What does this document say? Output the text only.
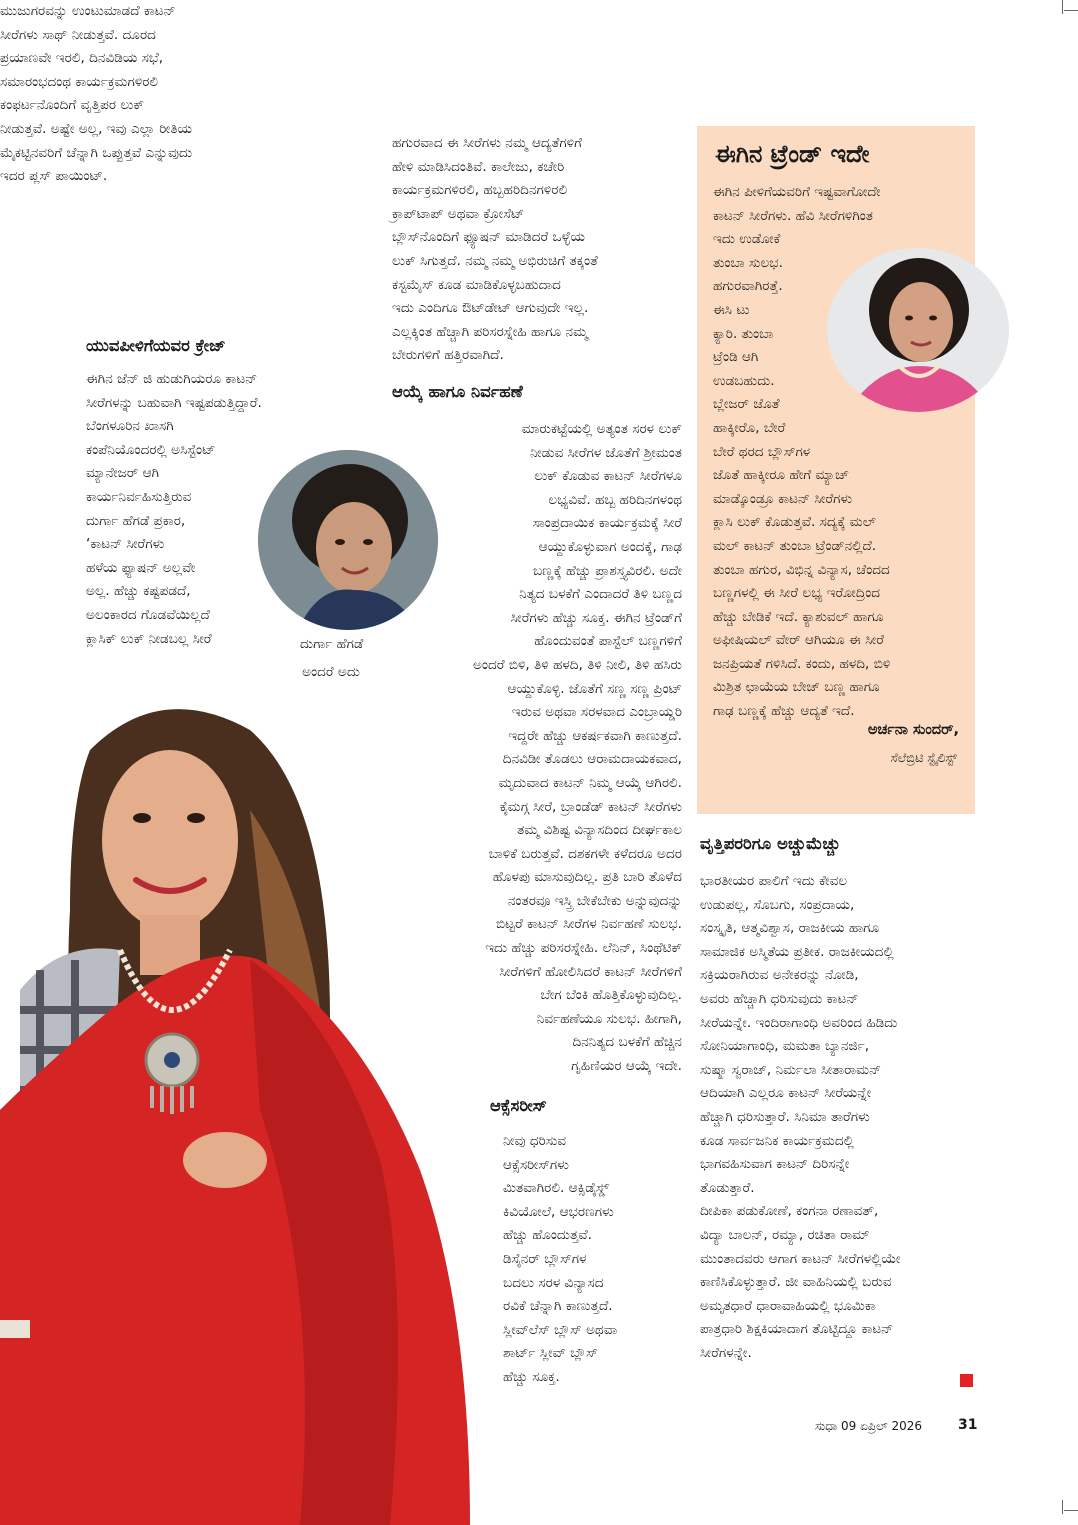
ಮುಜುಗರವನ್ನು ಉಂಟುಮಾಡದೆ ಕಾಟನ್
ಸೀರೆಗಳು ಸಾಥ್ ನೀಡುತ್ತವೆ. ದೂರದ
ಪ್ರಯಾಣವೇ ಇರಲಿ, ದಿನವಿಡಿಯ ಸಭೆ,
ಸಮಾರಂಭದಂಥ ಕಾರ್ಯಕ್ರಮಗಳಿರಲಿ
ಕಂಫರ್ಟನೊಂದಿಗೆ ವೃತ್ತಿಪರ ಲುಕ್
ನೀಡುತ್ತವೆ. ಅಷ್ಟೇ ಅಲ್ಲ, ಇವು ಎಲ್ಲಾ ರೀತಿಯ
ಮೈಕಟ್ಟಿನವರಿಗೆ ಚೆನ್ನಾಗಿ ಒಪ್ಪುತ್ತವೆ ಎನ್ನುವುದು
ಇದರ ಪ್ಲಸ್ ಪಾಯಿಂಟ್.

ಯುವಪೀಳಿಗೆಯವರ ಕ್ರೇಜ್

ಈಗಿನ ಜೆನ್ ಜಿ ಹುಡುಗಿಯರೂ ಕಾಟನ್
ಸೀರೆಗಳನ್ನು ಬಹುವಾಗಿ ಇಷ್ಟಪಡುತ್ತಿದ್ದಾರೆ.
ಬೆಂಗಳೂರಿನ ಖಾಸಗಿ
ಕಂಪೆನಿಯೊಂದರಲ್ಲಿ ಅಸಿಸ್ಟೆಂಟ್
ಮ್ಯಾನೇಜರ್ ಆಗಿ
ಕಾರ್ಯನಿರ್ವಹಿಸುತ್ತಿರುವ
ದುರ್ಗಾ ಹೆಗಡೆ ಪ್ರಕಾರ,
‘ಕಾಟನ್ ಸೀರೆಗಳು
ಹಳೆಯ ಫ್ಯಾಷನ್ ಅಲ್ಲವೇ
ಅಲ್ಲ. ಹೆಚ್ಚು ಕಷ್ಟಪಡದೆ,
ಅಲಂಕಾರದ ಗೊಡವೆಯಿಲ್ಲದೆ
ಕ್ಲಾಸಿಕ್ ಲುಕ್ ನೀಡಬಲ್ಲ ಸೀರೆ

ಅಂದರೆ ಅದು

ದುರ್ಗಾ ಹೆಗಡೆ

ಹಗುರವಾದ ಈ ಸೀರೆಗಳು ನಮ್ಮ ಆದ್ಯತೆಗಳಿಗೆ
ಹೇಳಿ ಮಾಡಿಸಿದಂತಿವೆ. ಕಾಲೇಜು, ಕಚೇರಿ
ಕಾರ್ಯಕ್ರಮಗಳಿರಲಿ, ಹಬ್ಬಹರಿದಿನಗಳಿರಲಿ
ಕ್ರಾಪ್‌ಟಾಪ್ ಅಥವಾ ಕ್ರೋಸೆಟ್
ಬ್ಲೌಸ್‌ನೊಂದಿಗೆ ಫ್ಯೂಷನ್ ಮಾಡಿದರೆ ಒಳ್ಳೆಯ
ಲುಕ್ ಸಿಗುತ್ತದೆ. ನಮ್ಮ ನಮ್ಮ ಅಭಿರುಚಿಗೆ ತಕ್ಕಂತೆ
ಕಸ್ಟಮೈಸ್ ಕೂಡ ಮಾಡಿಕೊಳ್ಳಬಹುದಾದ
ಇದು ಎಂದಿಗೂ ಔಟ್‌ಡೇಟ್ ಆಗುವುದೇ ಇಲ್ಲ.
ಎಲ್ಲಕ್ಕಿಂತ ಹೆಚ್ಚಾಗಿ ಪರಿಸರಸ್ನೇಹಿ ಹಾಗೂ ನಮ್ಮ
ಬೇರುಗಳಿಗೆ ಹತ್ತಿರವಾಗಿದೆ.

ಆಯ್ಕೆ ಹಾಗೂ ನಿರ್ವಹಣೆ

ಮಾರುಕಟ್ಟೆಯಲ್ಲಿ ಅತ್ಯಂತ ಸರಳ ಲುಕ್
ನೀಡುವ ಸೀರೆಗಳ ಜೊತೆಗೆ ಶ್ರೀಮಂತ
ಲುಕ್ ಕೊಡುವ ಕಾಟನ್ ಸೀರೆಗಳೂ
ಲಭ್ಯವಿವೆ. ಹಬ್ಬ ಹರಿದಿನಗಳಂಥ
ಸಾಂಪ್ರದಾಯಿಕ ಕಾರ್ಯಕ್ರಮಕ್ಕೆ ಸೀರೆ
ಆಯ್ದುಕೊಳ್ಳುವಾಗ ಅಂದಕ್ಕೆ, ಗಾಢ
ಬಣ್ಣಕ್ಕೆ ಹೆಚ್ಚು ಪ್ರಾಶಸ್ತ್ಯವಿರಲಿ. ಅದೇ
ನಿತ್ಯದ ಬಳಕೆಗೆ ಎಂದಾದರೆ ತಿಳಿ ಬಣ್ಣದ
ಸೀರೆಗಳು ಹೆಚ್ಚು ಸೂಕ್ತ. ಈಗಿನ ಟ್ರೆಂಡ್‌ಗೆ
ಹೊಂದುವಂತೆ ಪಾಸ್ಟೆಲ್ ಬಣ್ಣಗಳಿಗೆ
ಅಂದರೆ ಬಿಳಿ, ತಿಳಿ ಹಳದಿ, ತಿಳಿ ನೀಲಿ, ತಿಳಿ ಹಸಿರು
ಆಯ್ದುಕೊಳ್ಳಿ. ಜೊತೆಗೆ ಸಣ್ಣ ಸಣ್ಣ ಪ್ರಿಂಟ್
ಇರುವ ಅಥವಾ ಸರಳವಾದ ಎಂಬ್ರಾಯ್ಡರಿ
ಇದ್ದರೇ ಹೆಚ್ಚು ಆಕರ್ಷಕವಾಗಿ ಕಾಣುತ್ತದೆ.
ದಿನವಿಡೀ ತೊಡಲು ಆರಾಮದಾಯಕವಾದ,
ಮೃದುವಾದ ಕಾಟನ್ ನಿಮ್ಮ ಆಯ್ಕೆ ಆಗಿರಲಿ.
ಕೈಮಗ್ಗ ಸೀರೆ, ಬ್ರಾಂಡೆಡ್ ಕಾಟನ್ ಸೀರೆಗಳು
ತಮ್ಮ ವಿಶಿಷ್ಟ ವಿನ್ಯಾಸದಿಂದ ದೀರ್ಘಕಾಲ
ಬಾಳಿಕೆ ಬರುತ್ತವೆ. ದಶಕಗಳೇ ಕಳೆದರೂ ಅದರ
ಹೊಳಪು ಮಾಸುವುದಿಲ್ಲ. ಪ್ರತಿ ಬಾರಿ ತೊಳೆದ
ನಂತರವೂ ಇಸ್ತ್ರಿ ಬೇಕೆಬೇಕು ಅನ್ನುವುದನ್ನು
ಬಿಟ್ಟರೆ ಕಾಟನ್ ಸೀರೆಗಳ ನಿರ್ವಹಣೆ ಸುಲಭ.
ಇದು ಹೆಚ್ಚು ಪರಿಸರಸ್ನೇಹಿ. ಲೆನಿನ್, ಸಿಂಥೆಟಿಕ್
ಸೀರೆಗಳಿಗೆ ಹೋಲಿಸಿದರೆ ಕಾಟನ್ ಸೀರೆಗಳಿಗೆ
ಬೇಗ ಬೆಂಕಿ ಹೊತ್ತಿಕೊಳ್ಳುವುದಿಲ್ಲ.
ನಿರ್ವಹಣೆಯೂ ಸುಲಭ. ಹೀಗಾಗಿ,
ದಿನನಿತ್ಯದ ಬಳಕೆಗೆ ಹೆಚ್ಚಿನ
ಗೃಹಿಣಿಯರ ಆಯ್ಕೆ ಇದೇ.

ಆಕ್ಸೆಸರೀಸ್

ನೀವು ಧರಿಸುವ
ಆಕ್ಸೆಸರೀಸ್‌ಗಳು
ಮಿತವಾಗಿರಲಿ. ಆಕ್ಸಿಡೈಸ್ಡ್
ಕಿವಿಯೋಲೆ, ಆಭರಣಗಳು
ಹೆಚ್ಚು ಹೊಂದುತ್ತವೆ.
ಡಿಸೈನರ್ ಬ್ಲೌಸ್‌ಗಳ
ಬದಲು ಸರಳ ವಿನ್ಯಾಸದ
ರವಿಕೆ ಚೆನ್ನಾಗಿ ಕಾಣುತ್ತದೆ.
ಸ್ಲೀವ್‌ಲೆಸ್ ಬ್ಲೌಸ್ ಅಥವಾ
ಶಾರ್ಟ್ ಸ್ಲೀವ್ ಬ್ಲೌಸ್
ಹೆಚ್ಚು ಸೂಕ್ತ.

ಈಗಿನ ಟ್ರೆಂಡ್ ಇದೇ

ಈಗಿನ ಪೀಳಿಗೆಯವರಿಗೆ ಇಷ್ಟವಾಗೋದೇ
ಕಾಟನ್ ಸೀರೆಗಳು. ಹೆವಿ ಸೀರೆಗಳಿಗಿಂತ
ಇದು ಉಡೋಕೆ
ತುಂಬಾ ಸುಲಭ.
ಹಗುರವಾಗಿರತ್ತೆ.
ಈಸಿ ಟು
ಕ್ಯಾರಿ. ತುಂಬಾ
ಟ್ರೆಂಡಿ ಆಗಿ
ಉಡಬಹುದು.
ಬ್ಲೇಜರ್ ಜೊತೆ
ಹಾಕ್ಕೀರೊ, ಬೇರೆ
ಬೇರೆ ಥರದ ಬ್ಲೌಸ್‌ಗಳ
ಜೊತೆ ಹಾಕ್ಕೀರೂ ಹೇಗೆ ಮ್ಯಾಚ್
ಮಾಡ್ಕೊಂಡ್ರೂ ಕಾಟನ್ ಸೀರೆಗಳು
ಕ್ಲಾಸಿ ಲುಕ್ ಕೊಡುತ್ತವೆ. ಸದ್ಯಕ್ಕೆ ಮಲ್
ಮಲ್ ಕಾಟನ್ ತುಂಬಾ ಟ್ರೆಂಡ್‌ನಲ್ಲಿದೆ.
ತುಂಬಾ ಹಗುರ, ವಿಭಿನ್ನ ವಿನ್ಯಾಸ, ಚೆಂದದ
ಬಣ್ಣಗಳಲ್ಲಿ ಈ ಸೀರೆ ಲಭ್ಯ ಇರೋದ್ರಿಂದ
ಹೆಚ್ಚು ಬೇಡಿಕೆ ಇದೆ. ಕ್ಯಾಶುವಲ್ ಹಾಗೂ
ಅಫೀಷಿಯಲ್ ವೇರ್ ಆಗಿಯೂ ಈ ಸೀರೆ
ಜನಪ್ರಿಯತೆ ಗಳಿಸಿದೆ. ಕಂದು, ಹಳದಿ, ಬಿಳಿ
ಮಿಶ್ರಿತ ಛಾಯೆಯ ಬೇಜ್ ಬಣ್ಣ ಹಾಗೂ
ಗಾಢ ಬಣ್ಣಕ್ಕೆ ಹೆಚ್ಚು ಆದ್ಯತೆ ಇದೆ.

ಅರ್ಚನಾ ಸುಂದರ್,
ಸೆಲೆಬ್ರಿಟಿ ಸ್ಟೈಲಿಸ್ಟ್
ವೃತ್ತಿಪರರಿಗೂ ಅಚ್ಚುಮೆಚ್ಚು

ಭಾರತೀಯರ ಪಾಲಿಗೆ ಇದು ಕೇವಲ
ಉಡುಪಲ್ಲ, ಸೊಬಗು, ಸಂಪ್ರದಾಯ,
ಸಂಸ್ಕೃತಿ, ಆತ್ಮವಿಶ್ವಾಸ, ರಾಜಕೀಯ ಹಾಗೂ
ಸಾಮಾಜಿಕ ಅಸ್ಮಿತೆಯ ಪ್ರತೀಕ. ರಾಜಕೀಯದಲ್ಲಿ
ಸಕ್ರಿಯರಾಗಿರುವ ಅನೇಕರನ್ನು ನೋಡಿ,
ಅವರು ಹೆಚ್ಚಾಗಿ ಧರಿಸುವುದು ಕಾಟನ್
ಸೀರೆಯನ್ನೇ. ಇಂದಿರಾಗಾಂಧಿ ಅವರಿಂದ ಹಿಡಿದು
ಸೋನಿಯಾಗಾಂಧಿ, ಮಮತಾ ಬ್ಯಾನರ್ಜಿ,
ಸುಷ್ಮಾ ಸ್ವರಾಜ್, ನಿರ್ಮಲಾ ಸೀತಾರಾಮನ್
ಆದಿಯಾಗಿ ಎಲ್ಲರೂ ಕಾಟನ್ ಸೀರೆಯನ್ನೇ
ಹೆಚ್ಚಾಗಿ ಧರಿಸುತ್ತಾರೆ. ಸಿನಿಮಾ ತಾರೆಗಳು
ಕೂಡ ಸಾರ್ವಜನಿಕ ಕಾರ್ಯಕ್ರಮದಲ್ಲಿ
ಭಾಗವಹಿಸುವಾಗ ಕಾಟನ್ ದಿರಿಸನ್ನೇ
ತೊಡುತ್ತಾರೆ.
ದೀಪಿಕಾ ಪಡುಕೋಣೆ, ಕಂಗನಾ ರಣಾವತ್,
ವಿದ್ಯಾ ಬಾಲನ್, ರಮ್ಯಾ, ರಚಿತಾ ರಾಮ್
ಮುಂತಾದವರು ಆಗಾಗ ಕಾಟನ್ ಸೀರೆಗಳಲ್ಲಿಯೇ
ಕಾಣಿಸಿಕೊಳ್ಳುತ್ತಾರೆ. ಜೀ ವಾಹಿನಿಯಲ್ಲಿ ಬರುವ
ಅಮೃತಧಾರೆ ಧಾರಾವಾಹಿಯಲ್ಲಿ ಭೂಮಿಕಾ
ಪಾತ್ರಧಾರಿ ಶಿಕ್ಷಕಿಯಾದಾಗ ತೊಟ್ಟಿದ್ದೂ ಕಾಟನ್
ಸೀರೆಗಳನ್ನೇ.

ಸುಧಾ 09 ಏಪ್ರಿಲ್ 2026	31
